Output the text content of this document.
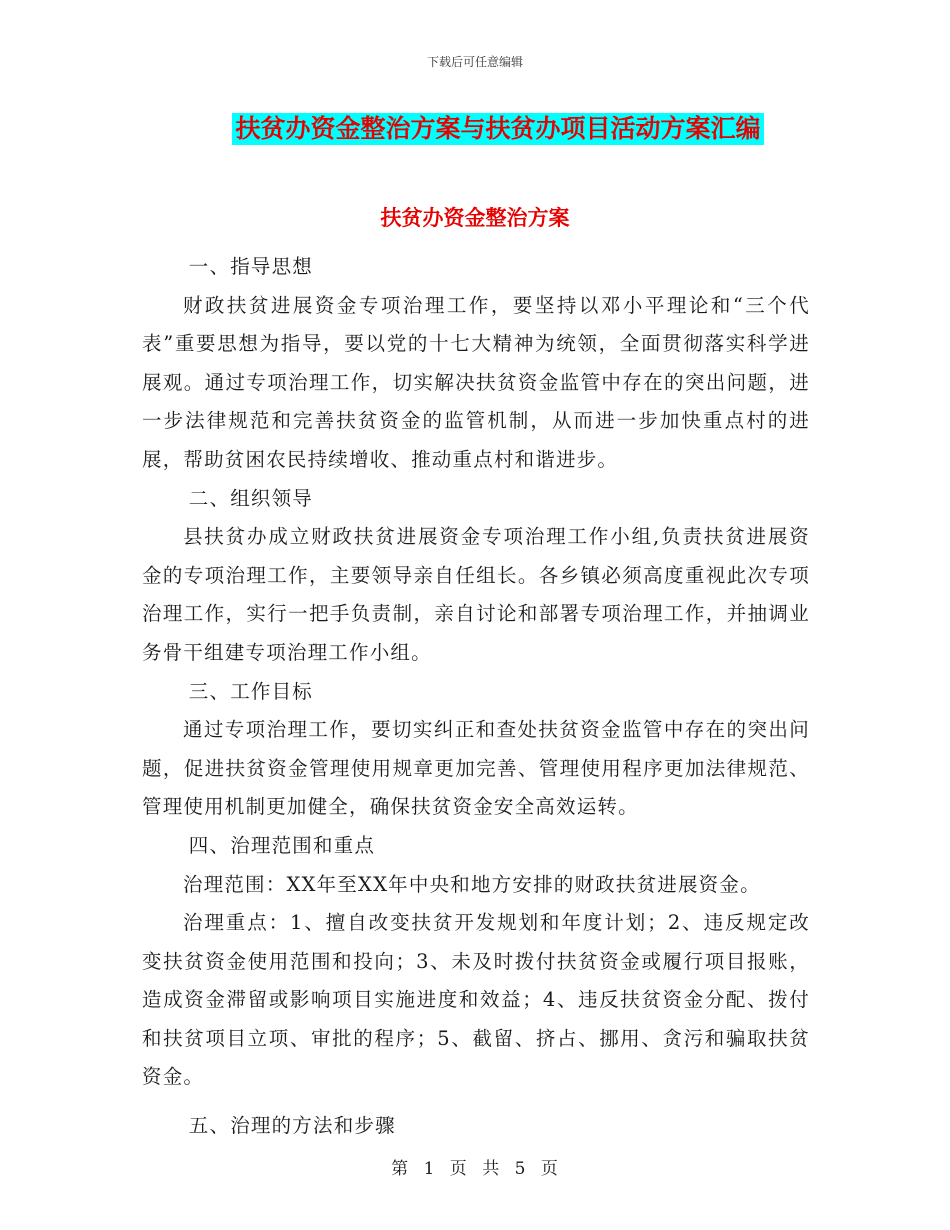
下载后可任意编辑
扶贫办资金整治方案与扶贫办项目活动方案汇编
扶贫办资金整治方案

一、指导思想

财政扶贫进展资金专项治理工作，要坚持以邓小平理论和“三个代表”重要思想为指导，要以党的十七大精神为统领，全面贯彻落实科学进展观。通过专项治理工作，切实解决扶贫资金监管中存在的突出问题，进一步法律规范和完善扶贫资金的监管机制，从而进一步加快重点村的进展，帮助贫困农民持续增收、推动重点村和谐进步。

二、组织领导

县扶贫办成立财政扶贫进展资金专项治理工作小组,负责扶贫进展资金的专项治理工作，主要领导亲自任组长。各乡镇必须高度重视此次专项治理工作，实行一把手负责制，亲自讨论和部署专项治理工作，并抽调业务骨干组建专项治理工作小组。

三、工作目标

通过专项治理工作，要切实纠正和查处扶贫资金监管中存在的突出问题，促进扶贫资金管理使用规章更加完善、管理使用程序更加法律规范、管理使用机制更加健全，确保扶贫资金安全高效运转。

四、治理范围和重点

治理范围：XX年至XX年中央和地方安排的财政扶贫进展资金。

治理重点：1、擅自改变扶贫开发规划和年度计划；2、违反规定改变扶贫资金使用范围和投向；3、未及时拨付扶贫资金或履行项目报账，造成资金滞留或影响项目实施进度和效益；4、违反扶贫资金分配、拨付和扶贫项目立项、审批的程序；5、截留、挤占、挪用、贪污和骗取扶贫资金。

五、治理的方法和步骤

第 1 页 共 5 页
